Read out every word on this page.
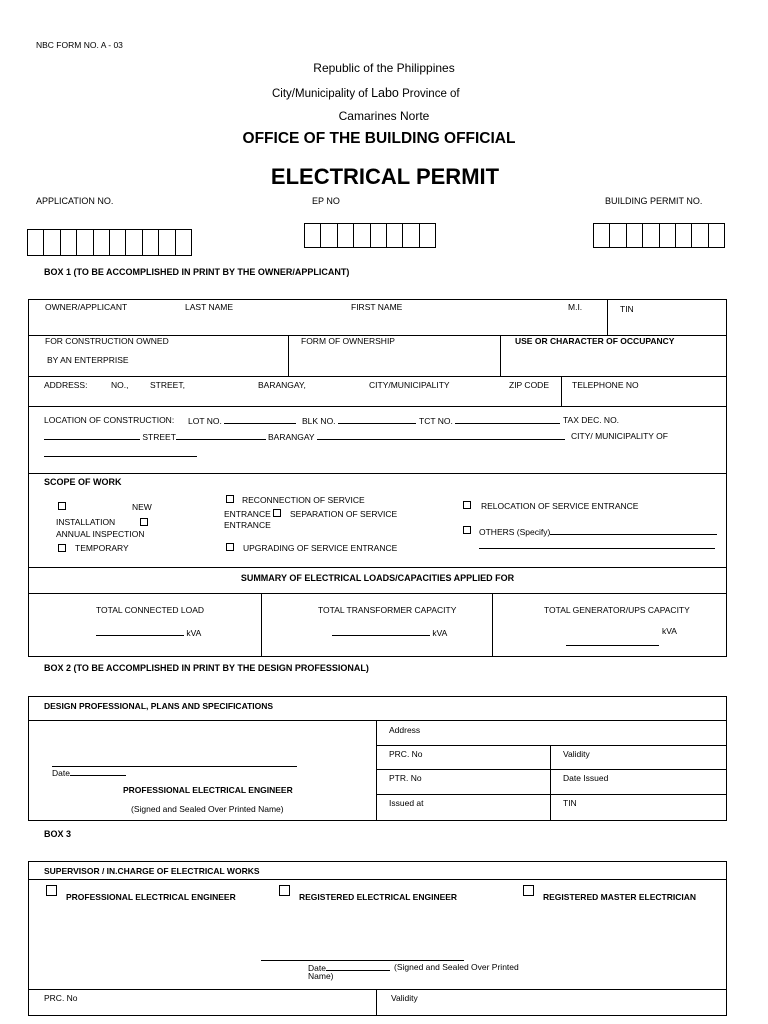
NBC FORM NO. A - 03
Republic of the Philippines
City/Municipality of Labo Province of
Camarines Norte
OFFICE OF THE BUILDING OFFICIAL
ELECTRICAL PERMIT
APPLICATION NO.	EP NO	BUILDING PERMIT NO.
BOX 1 (TO BE ACCOMPLISHED IN PRINT BY THE OWNER/APPLICANT)
OWNER/APPLICANT	LAST NAME	FIRST NAME	M.I.	TIN
FOR CONSTRUCTION OWNED
BY AN ENTERPRISE
FORM OF OWNERSHIP	USE OR CHARACTER OF OCCUPANCY
ADDRESS:	NO.,	STREET,	BARANGAY,	CITY/MUNICIPALITY	ZIP CODE	TELEPHONE NO
LOCATION OF CONSTRUCTION: LOT NO.	BLK NO.	TCT NO.	TAX DEC. NO.
STREET	BARANGAY	CITY/ MUNICIPALITY OF
SCOPE OF WORK
NEW
INSTALLATION
ANNUAL INSPECTION
TEMPORARY
RECONNECTION OF SERVICE
ENTRANCE SEPARATION OF SERVICE
ENTRANCE
UPGRADING OF SERVICE ENTRANCE
RELOCATION OF SERVICE ENTRANCE
OTHERS (Specify)
SUMMARY OF ELECTRICAL LOADS/CAPACITIES APPLIED FOR
TOTAL CONNECTED LOAD	TOTAL TRANSFORMER CAPACITY	TOTAL GENERATOR/UPS CAPACITY
kVA	kVA	kVA
BOX 2 (TO BE ACCOMPLISHED IN PRINT BY THE DESIGN PROFESSIONAL)
DESIGN PROFESSIONAL, PLANS AND SPECIFICATIONS
Date
PROFESSIONAL ELECTRICAL ENGINEER
(Signed and Sealed Over Printed Name)
Address
PRC. No	Validity
PTR. No	Date Issued
Issued at	TIN
BOX 3
SUPERVISOR / IN.CHARGE OF ELECTRICAL WORKS
PROFESSIONAL ELECTRICAL ENGINEER	REGISTERED ELECTRICAL ENGINEER	REGISTERED MASTER ELECTRICIAN
Date	(Signed and Sealed Over Printed
Name)
PRC. No	Validity
